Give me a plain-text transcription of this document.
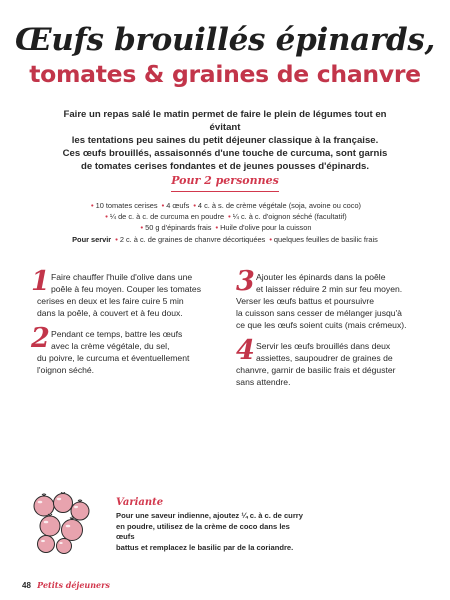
Œufs brouillés épinards,
tomates & graines de chanvre

Faire un repas salé le matin permet de faire le plein de légumes tout en évitant

les tentations peu saines du petit déjeuner classique à la française.

Ces œufs brouillés, assaisonnés d'une touche de curcuma, sont garnis

de tomates cerises fondantes et de jeunes pousses d'épinards.

Pour 2 personnes
• 10 tomates cerises • 4 œufs • 4 c. à s. de crème végétale (soja, avoine ou coco)
• ¼ de c. à c. de curcuma en poudre • ¼ c. à c. d'oignon séché (facultatif)
• 50 g d'épinards frais • Huile d'olive pour la cuisson
Pour servir • 2 c. à c. de graines de chanvre décortiquées • quelques feuilles de basilic frais
1 Faire chauffer l'huile d'olive dans une
poêle à feu moyen. Couper les tomates
cerises en deux et les faire cuire 5 min
dans la poêle, à couvert et à feu doux.
2 Pendant ce temps, battre les œufs
avec la crème végétale, du sel,
du poivre, le curcuma et éventuellement
l'oignon séché.
3 Ajouter les épinards dans la poêle
et laisser réduire 2 min sur feu moyen.
Verser les œufs battus et poursuivre
la cuisson sans cesser de mélanger jusqu'à
ce que les œufs soient cuits (mais crémeux).
4 Servir les œufs brouillés dans deux
assiettes, saupoudrer de graines de
chanvre, garnir de basilic frais et déguster
sans attendre.
Variante

Pour une saveur indienne, ajoutez ¼ c. à c. de curry

en poudre, utilisez de la crème de coco dans les œufs

battus et remplacez le basilic par de la coriandre.

48 Petits déjeuners
